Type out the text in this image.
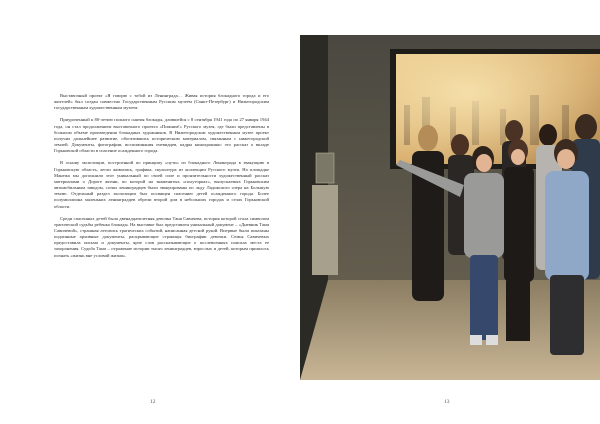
Выставочный проект «Я говорю с тобой из Ленинграда… Живая история блокадного города и его жителей» был создан совместно Государственным Русским музеем (Санкт-Петербург) и Нижегородским государственным художественным музеем.

Приуроченный к 80-летию полного снятия блокады, длившейся с 8 сентября 1941 года по 27 января 1944 года, он стал продолжением выставочного проекта «Помним!» Русского музея, где были представлены в большом объеме произведения блокадных художников. В Нижегородском художественном музее проект получил дальнейшее развитие, обогатившись историческим материалом, связанным с нижегородской землей. Документы, фотографии, воспоминания очевидцев, кадры кинохроники: это рассказ о вкладе Горьковской области в спасение осажденного города.

В основу экспозиции, построенной по принципу «пути» из блокадного Ленинграда в эвакуацию в Горьковскую область, легли живопись, графика, скульптура из коллекции Русского музея. На площадке Манежа мы дополнили этот уникальный по своей силе и пронзительности художественный рассказ материалами о Дороге жизни, по которой на знаменитых «полуторках», выпускаемых Горьковским автомобильным заводом, сотни ленинградцев были эвакуированы по льду Ладожского озера на Большую землю. Отдельный раздел экспозиции был посвящен спасению детей осажденного города. Более полумиллиона маленьких ленинградцев обрели второй дом в небольших городах и селах Горьковской области.

Среди спасенных детей была двенадцатилетняя девочка Таня Савичева, история которой стала символом трагической судьбы ребенка блокады. На выставке был представлен уникальный документ – «Дневник Тани Савичевой», страшная летопись трагических событий, написанная детской рукой. Впервые были показаны подлинные архивные документы, раскрывающие страницы биографии девочки. Семья Савичевых предоставила письма и документы, ярче слов рассказывающие о послевоенных поисках места ее захоронения. Судьба Тани – отражение истории тысяч ленинградцев, взрослых и детей, которым пришлось познать «жизнь вне условий жизни».

12	13
